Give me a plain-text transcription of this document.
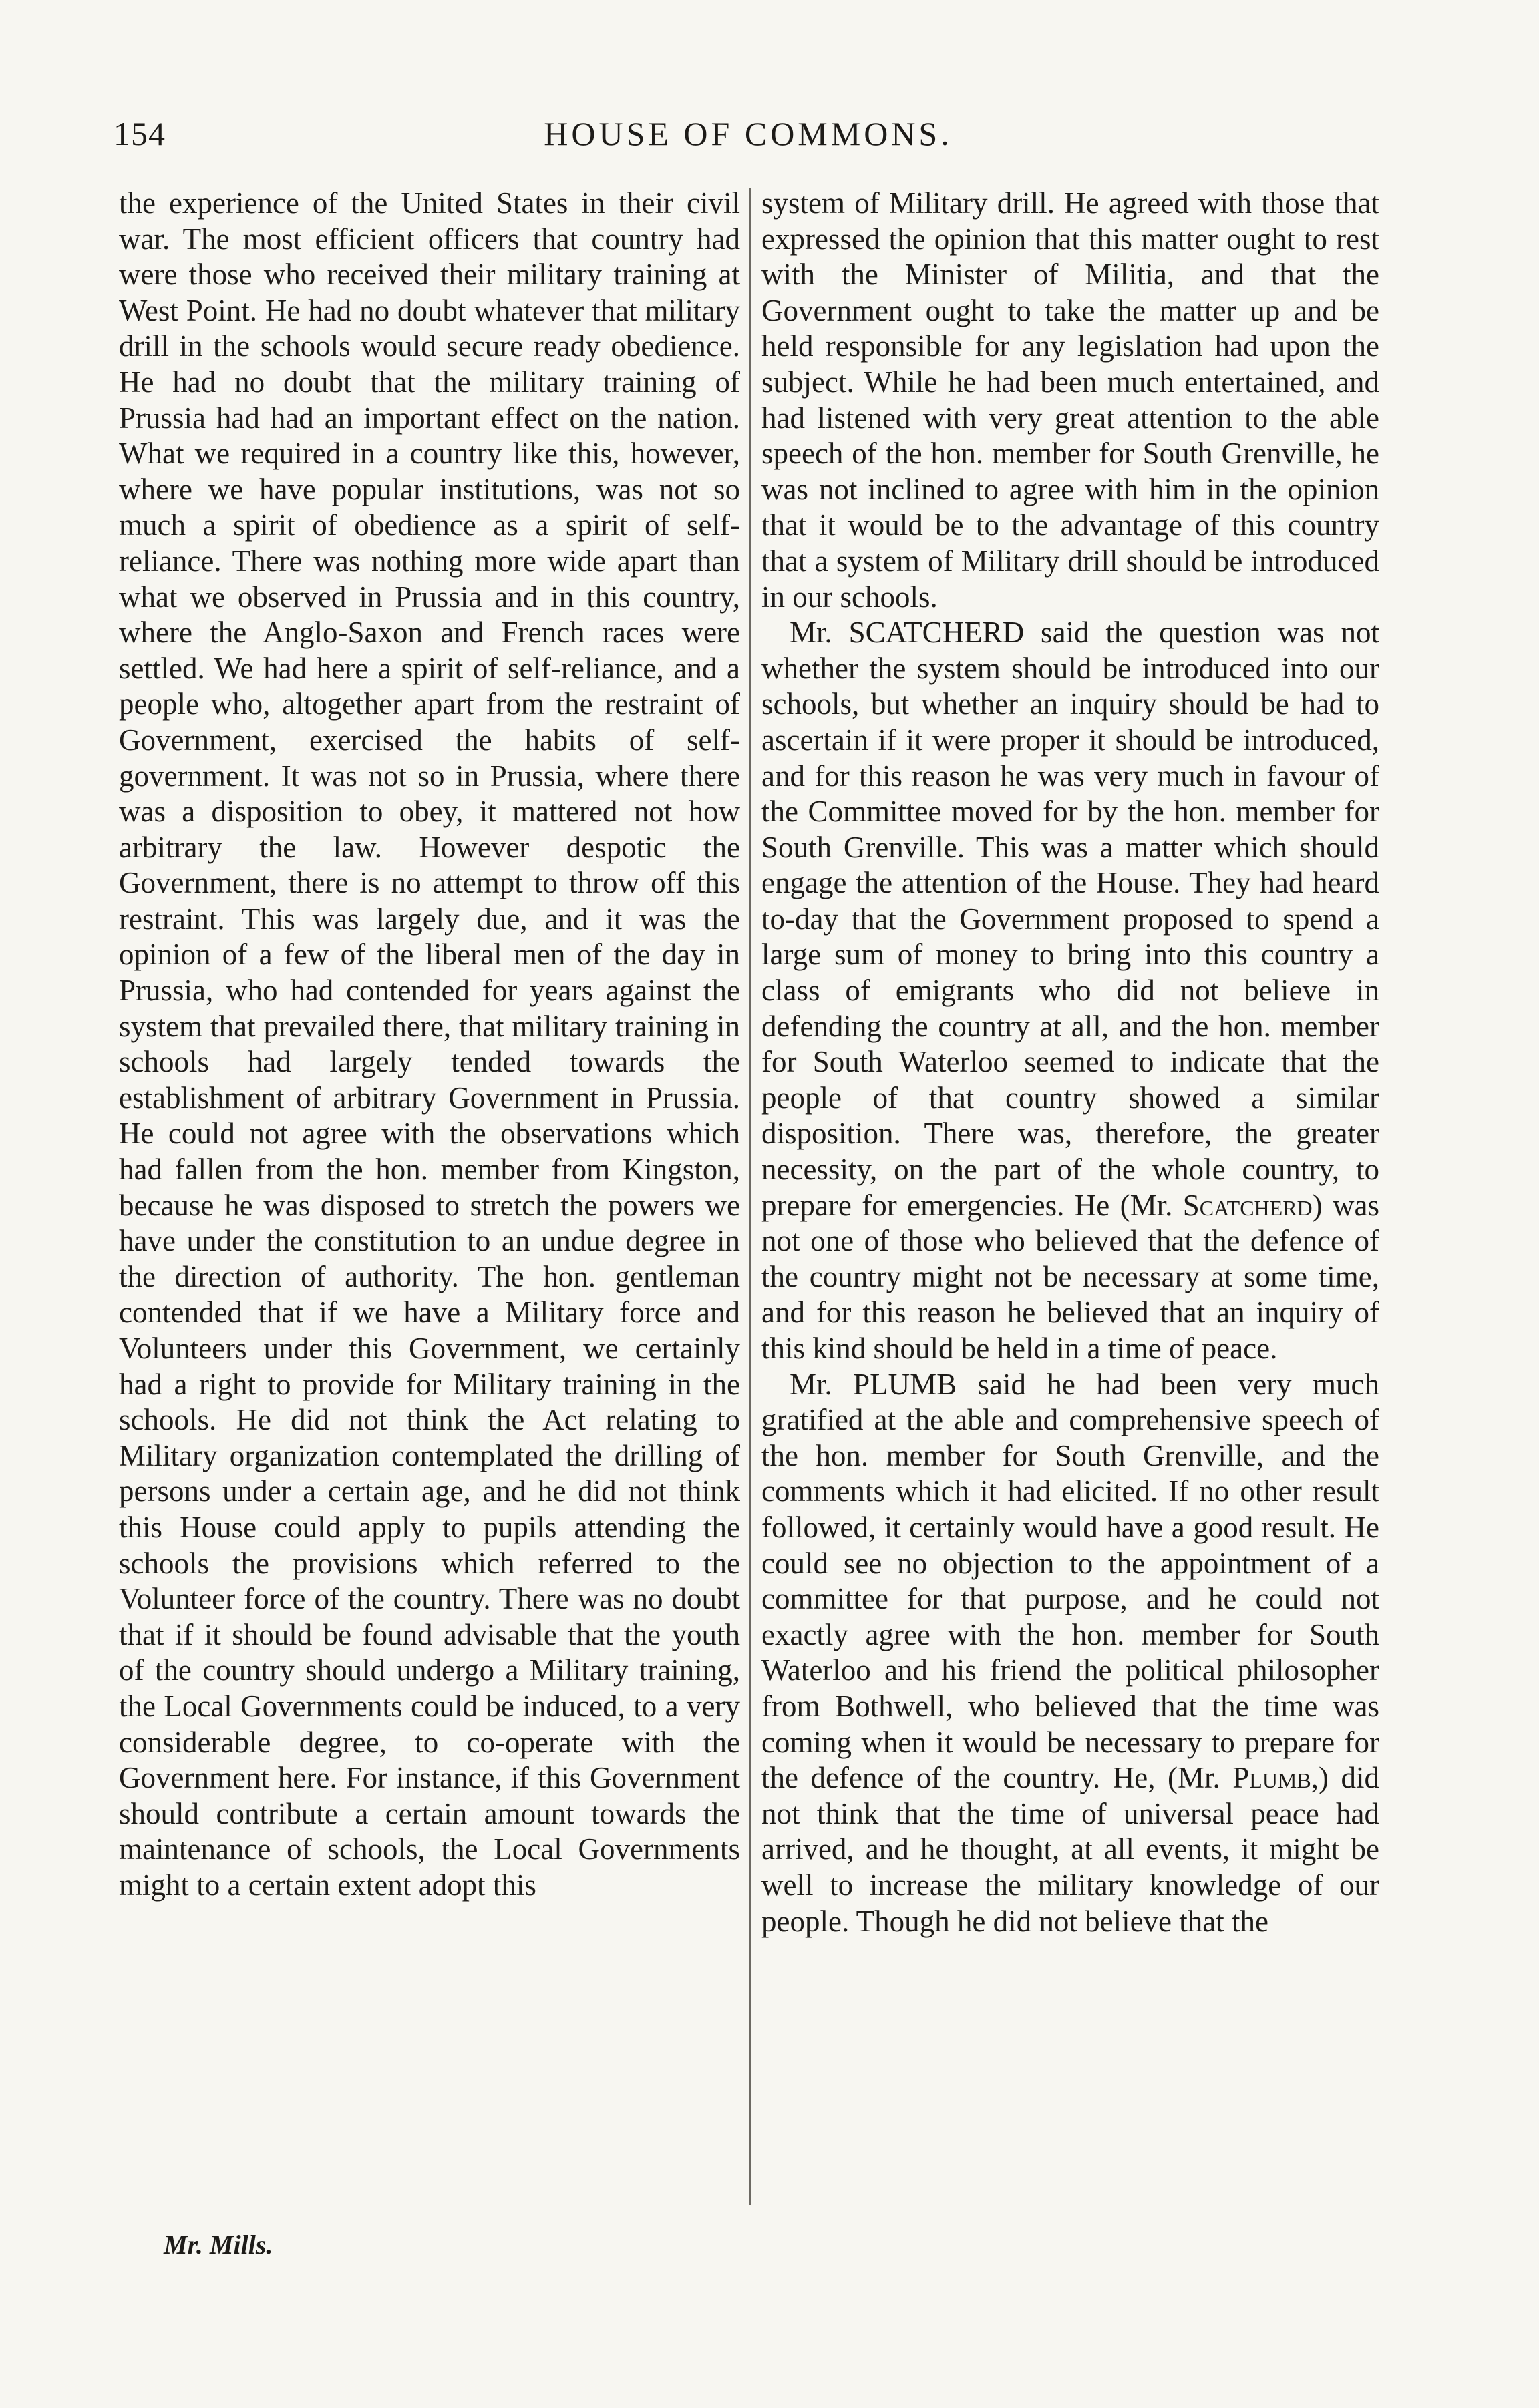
154	HOUSE OF COMMONS.

the experience of the United States in their civil war. The most efficient officers that country had were those who received their military training at West Point. He had no doubt whatever that military drill in the schools would secure ready obedience. He had no doubt that the military training of Prussia had had an important effect on the nation. What we required in a country like this, however, where we have popular institutions, was not so much a spirit of obedience as a spirit of self-reliance. There was nothing more wide apart than what we observed in Prussia and in this country, where the Anglo-Saxon and French races were settled. We had here a spirit of self-reliance, and a people who, altogether apart from the restraint of Government, exercised the habits of self-government. It was not so in Prussia, where there was a disposition to obey, it mattered not how arbitrary the law. However despotic the Government, there is no attempt to throw off this restraint. This was largely due, and it was the opinion of a few of the liberal men of the day in Prussia, who had contended for years against the system that prevailed there, that military training in schools had largely tended towards the establishment of arbitrary Government in Prussia. He could not agree with the observations which had fallen from the hon. member from Kingston, because he was disposed to stretch the powers we have under the constitution to an undue degree in the direction of authority. The hon. gentleman contended that if we have a Military force and Volunteers under this Government, we certainly had a right to provide for Military training in the schools. He did not think the Act relating to Military organization contemplated the drilling of persons under a certain age, and he did not think this House could apply to pupils attending the schools the provisions which referred to the Volunteer force of the country. There was no doubt that if it should be found advisable that the youth of the country should undergo a Military training, the Local Governments could be induced, to a very considerable degree, to co-operate with the Government here. For instance, if this Government should contribute a certain amount towards the maintenance of schools, the Local Governments might to a certain extent adopt this

system of Military drill. He agreed with those that expressed the opinion that this matter ought to rest with the Minister of Militia, and that the Government ought to take the matter up and be held responsible for any legislation had upon the subject. While he had been much entertained, and had listened with very great attention to the able speech of the hon. member for South Grenville, he was not inclined to agree with him in the opinion that it would be to the advantage of this country that a system of Military drill should be introduced in our schools.

Mr. SCATCHERD said the question was not whether the system should be introduced into our schools, but whether an inquiry should be had to ascertain if it were proper it should be introduced, and for this reason he was very much in favour of the Committee moved for by the hon. member for South Grenville. This was a matter which should engage the attention of the House. They had heard to-day that the Government proposed to spend a large sum of money to bring into this country a class of emigrants who did not believe in defending the country at all, and the hon. member for South Waterloo seemed to indicate that the people of that country showed a similar disposition. There was, therefore, the greater necessity, on the part of the whole country, to prepare for emergencies. He (Mr. Scatcherd) was not one of those who believed that the defence of the country might not be necessary at some time, and for this reason he believed that an inquiry of this kind should be held in a time of peace.

Mr. PLUMB said he had been very much gratified at the able and comprehensive speech of the hon. member for South Grenville, and the comments which it had elicited. If no other result followed, it certainly would have a good result. He could see no objection to the appointment of a committee for that purpose, and he could not exactly agree with the hon. member for South Waterloo and his friend the political philosopher from Bothwell, who believed that the time was coming when it would be necessary to prepare for the defence of the country. He, (Mr. Plumb,) did not think that the time of universal peace had arrived, and he thought, at all events, it might be well to increase the military knowledge of our people. Though he did not believe that the

Mr. Mills.
